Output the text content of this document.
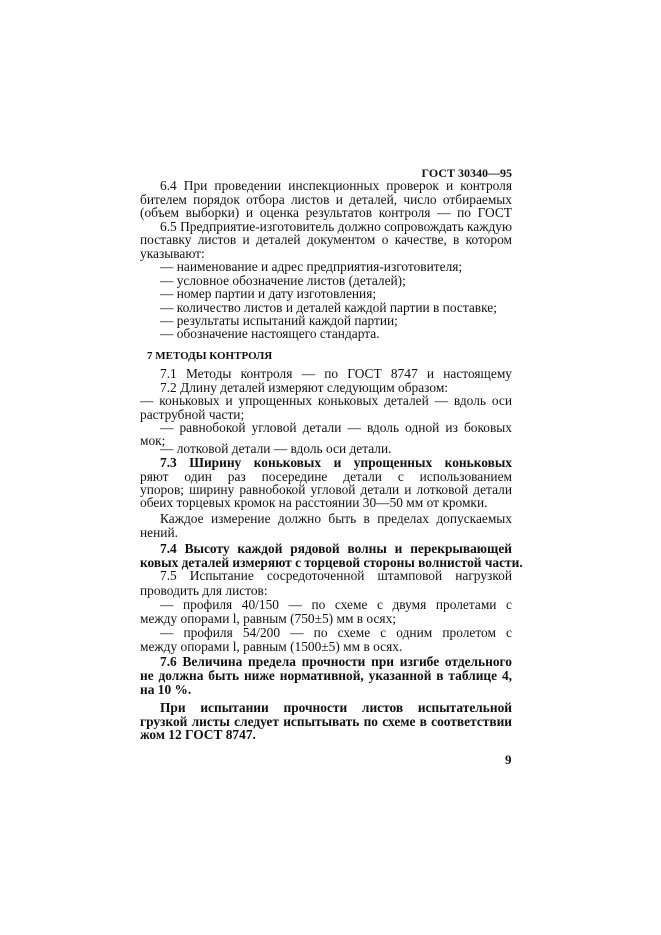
ГОСТ 30340—95
6.4 При проведении инспекционных проверок и контроля
бителем порядок отбора листов и деталей, число отбираемых
(объем выборки) и оценка результатов контроля — по ГОСТ
6.5 Предприятие-изготовитель должно сопровождать каждую
поставку листов и деталей документом о качестве, в котором
указывают:
— наименование и адрес предприятия-изготовителя;
— условное обозначение листов (деталей);
— номер партии и дату изготовления;
— количество листов и деталей каждой партии в поставке;
— результаты испытаний каждой партии;
— обозначение настоящего стандарта.
7 МЕТОДЫ КОНТРОЛЯ
7.1 Методы контроля — по ГОСТ 8747 и настоящему
7.2 Длину деталей измеряют следующим образом:
— коньковых и упрощенных коньковых деталей — вдоль оси
раструбной части;
— равнобокой угловой детали — вдоль одной из боковых
мок;
— лотковой детали — вдоль оси детали.
7.3 Ширину коньковых и упрощенных коньковых
ряют один раз посередине детали с использованием
упоров; ширину равнобокой угловой детали и лотковой детали
обеих торцевых кромок на расстоянии 30—50 мм от кромки.
Каждое измерение должно быть в пределах допускаемых
нений.
7.4 Высоту каждой рядовой волны и перекрывающей
ковых деталей измеряют с торцевой стороны волнистой части.
7.5 Испытание сосредоточенной штамповой нагрузкой
проводить для листов:
— профиля 40/150 — по схеме с двумя пролетами с
между опорами l, равным (750±5) мм в осях;
— профиля 54/200 — по схеме с одним пролетом с
между опорами l, равным (1500±5) мм в осях.
7.6 Величина предела прочности при изгибе отдельного
не должна быть ниже нормативной, указанной в таблице 4,
на 10 %.
При испытании прочности листов испытательной
грузкой листы следует испытывать по схеме в соответствии
жом 12 ГОСТ 8747.
9
